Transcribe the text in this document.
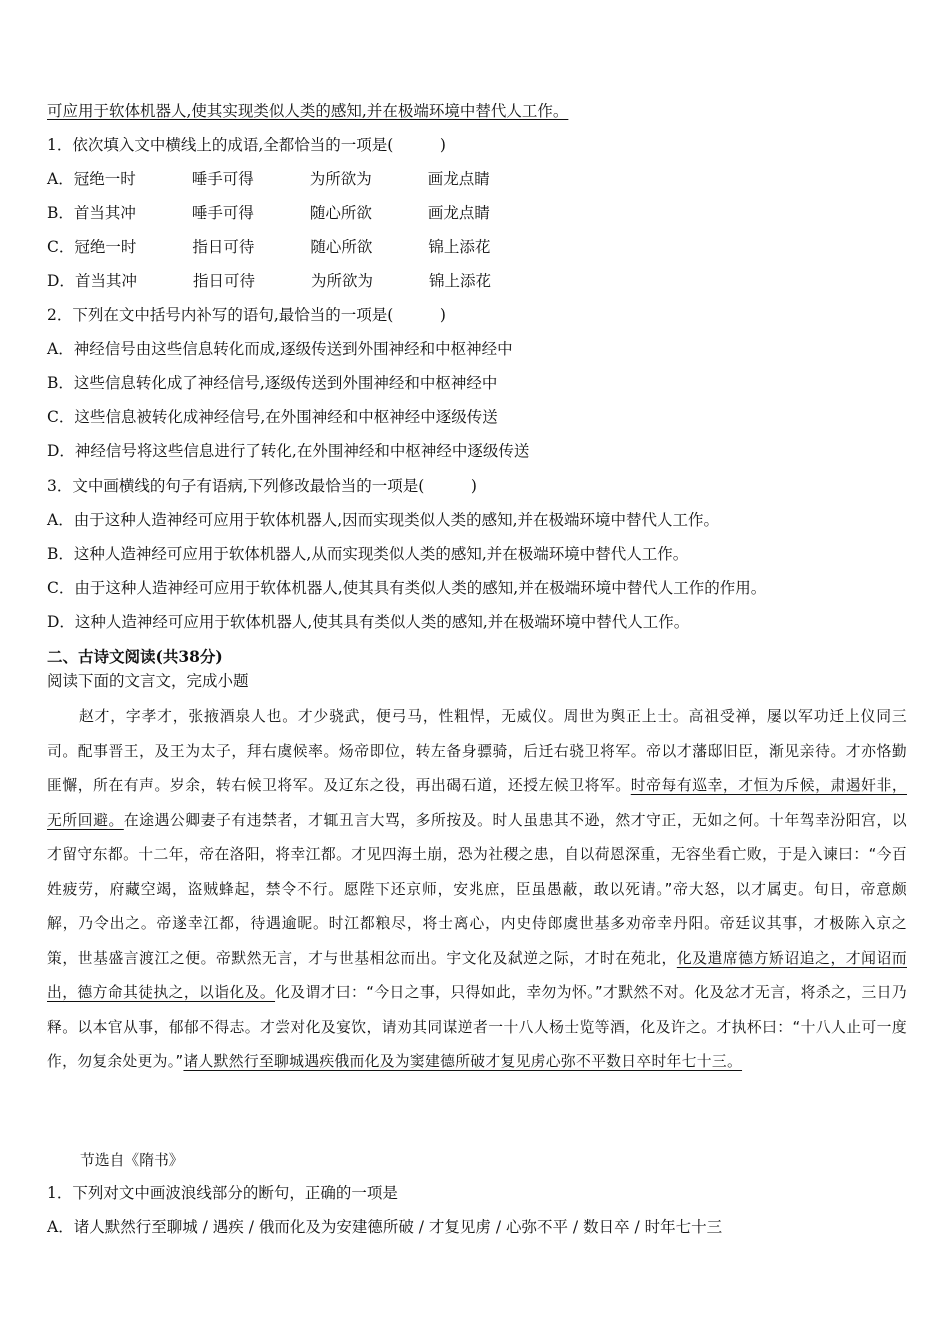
可应用于软体机器人,使其实现类似人类的感知,并在极端环境中替代人工作。
1．依次填入文中横线上的成语,全都恰当的一项是(　　　)
A．冠绝一时	唾手可得	为所欲为	画龙点睛
B．首当其冲	唾手可得	随心所欲	画龙点睛
C．冠绝一时	指日可待	随心所欲	锦上添花
D．首当其冲	指日可待	为所欲为	锦上添花
2．下列在文中括号内补写的语句,最恰当的一项是(　　　)
A．神经信号由这些信息转化而成,逐级传送到外围神经和中枢神经中
B．这些信息转化成了神经信号,逐级传送到外围神经和中枢神经中
C．这些信息被转化成神经信号,在外围神经和中枢神经中逐级传送
D．神经信号将这些信息进行了转化,在外围神经和中枢神经中逐级传送
3．文中画横线的句子有语病,下列修改最恰当的一项是(　　　)
A．由于这种人造神经可应用于软体机器人,因而实现类似人类的感知,并在极端环境中替代人工作。
B．这种人造神经可应用于软体机器人,从而实现类似人类的感知,并在极端环境中替代人工作。
C．由于这种人造神经可应用于软体机器人,使其具有类似人类的感知,并在极端环境中替代人工作的作用。
D．这种人造神经可应用于软体机器人,使其具有类似人类的感知,并在极端环境中替代人工作。
二、古诗文阅读(共38分)
阅读下面的文言文，完成小题
赵才，字孝才，张掖酒泉人也。才少骁武，便弓马，性粗悍，无威仪。周世为舆正上士。高祖受禅，屡以军功迁上仪同三司。配事晋王，及王为太子，拜右虞候率。炀帝即位，转左备身骠骑，后迁右骁卫将军。帝以才藩邸旧臣，渐见亲待。才亦恪勤匪懈，所在有声。岁余，转右候卫将军。及辽东之役，再出碣石道，还授左候卫将军。时帝每有巡幸，才恒为斥候，肃遏奸非，无所回避。在途遇公卿妻子有违禁者，才辄丑言大骂，多所按及。时人虽患其不逊，然才守正，无如之何。十年驾幸汾阳宫，以才留守东都。十二年，帝在洛阳，将幸江都。才见四海土崩，恐为社稷之患，自以荷恩深重，无容坐看亡败，于是入谏曰：“今百姓疲劳，府藏空竭，盗贼蜂起，禁令不行。愿陛下还京师，安兆庶，臣虽愚蔽，敢以死请。”帝大怒，以才属吏。旬日，帝意颇解，乃令出之。帝遂幸江都，待遇逾昵。时江都粮尽，将士离心，内史侍郎虞世基多劝帝幸丹阳。帝廷议其事，才极陈入京之策，世基盛言渡江之便。帝默然无言，才与世基相忿而出。宇文化及弑逆之际，才时在苑北，化及遣席德方矫诏追之，才闻诏而出，德方命其徒执之，以诣化及。化及谓才曰：“今日之事，只得如此，幸勿为怀。”才默然不对。化及忿才无言，将杀之，三日乃释。以本官从事，郁郁不得志。才尝对化及宴饮，请劝其同谋逆者一十八人杨士览等酒，化及许之。才执杯曰：“十八人止可一度作，勿复余处更为。”诸人默然行至聊城遇疾俄而化及为窦建德所破才复见虏心弥不平数日卒时年七十三。
节选自《隋书》
1．下列对文中画波浪线部分的断句，正确的一项是
A．诸人默然行至聊城 / 遇疾 / 俄而化及为安建德所破 / 才复见虏 / 心弥不平 / 数日卒 / 时年七十三
